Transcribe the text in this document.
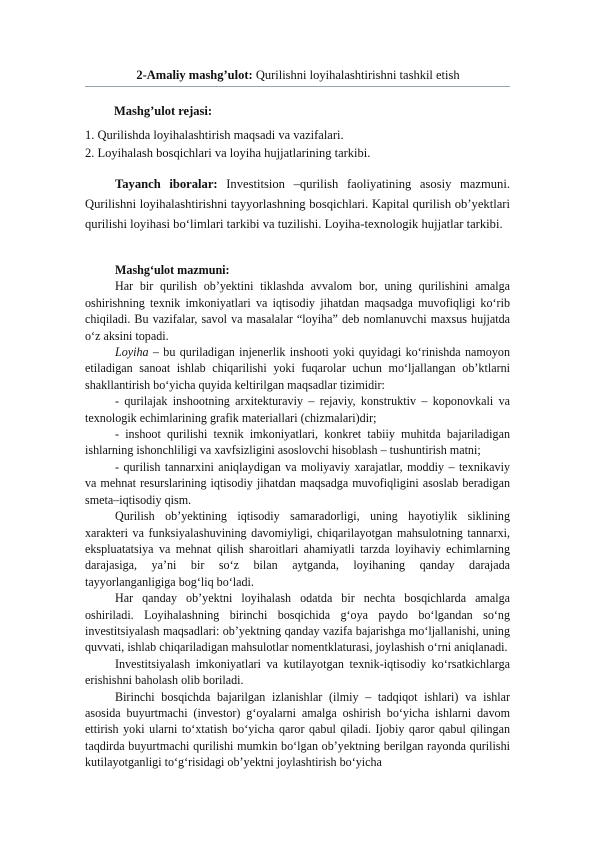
2-Amaliy mashg’ulot: Qurilishni loyihalashtirishni tashkil etish
Mashg’ulot rejasi:
1. Qurilishda loyihalashtirish maqsadi va vazifalari.
2. Loyihalash bosqichlari va loyiha hujjatlarining tarkibi.

Tayanch iboralar: Investitsion –qurilish faoliyatining asosiy mazmuni. Qurilishni loyihalashtirishni tayyorlashning bosqichlari. Kapital qurilish ob’yektlari qurilishi loyihasi bo‘limlari tarkibi va tuzilishi. Loyiha-texnologik hujjatlar tarkibi.

Mashg‘ulot mazmuni:

Har bir qurilish ob’yektini tiklashda avvalom bor, uning qurilishini amalga oshirishning texnik imkoniyatlari va iqtisodiy jihatdan maqsadga muvofiqligi ko‘rib chiqiladi. Bu vazifalar, savol va masalalar “loyiha” deb nomlanuvchi maxsus hujjatda o‘z aksini topadi.

Loyiha – bu quriladigan injenerlik inshooti yoki quyidagi ko‘rinishda namoyon etiladigan sanoat ishlab chiqarilishi yoki fuqarolar uchun mo‘ljallangan ob’ktlarni shakllantirish bo‘yicha quyida keltirilgan maqsadlar tizimidir:

- qurilajak inshootning arxitekturaviy – rejaviy, konstruktiv – koponovkali va texnologik echimlarining grafik materiallari (chizmalari)dir;

- inshoot qurilishi texnik imkoniyatlari, konkret tabiiy muhitda bajariladigan ishlarning ishonchliligi va xavfsizligini asoslovchi hisoblash – tushuntirish matni;

- qurilish tannarxini aniqlaydigan va moliyaviy xarajatlar, moddiy – texnikaviy va mehnat resurslarining iqtisodiy jihatdan maqsadga muvofiqligini asoslab beradigan smeta–iqtisodiy qism.

Qurilish ob’yektining iqtisodiy samaradorligi, uning hayotiylik siklining xarakteri va funksiyalashuvining davomiyligi, chiqarilayotgan mahsulotning tannarxi, ekspluatatsiya va mehnat qilish sharoitlari ahamiyatli tarzda loyihaviy echimlarning darajasiga, ya’ni bir so‘z bilan aytganda, loyihaning qanday darajada tayyorlanganligiga bog‘liq bo‘ladi.

Har qanday ob’yektni loyihalash odatda bir nechta bosqichlarda amalga oshiriladi. Loyihalashning birinchi bosqichida g‘oya paydo bo‘lgandan so‘ng investitsiyalash maqsadlari: ob’yektning qanday vazifa bajarishga mo‘ljallanishi, uning quvvati, ishlab chiqariladigan mahsulotlar nomentklaturasi, joylashish o‘rni aniqlanadi.

Investitsiyalash imkoniyatlari va kutilayotgan texnik-iqtisodiy ko‘rsatkichlarga erishishni baholash olib boriladi.

Birinchi bosqichda bajarilgan izlanishlar (ilmiy – tadqiqot ishlari) va ishlar asosida buyurtmachi (investor) g‘oyalarni amalga oshirish bo‘yicha ishlarni davom ettirish yoki ularni to‘xtatish bo‘yicha qaror qabul qiladi. Ijobiy qaror qabul qilingan taqdirda buyurtmachi qurilishi mumkin bo‘lgan ob’yektning berilgan rayonda qurilishi kutilayotganligi to‘g‘risidagi ob’yektni joylashtirish bo‘yicha
